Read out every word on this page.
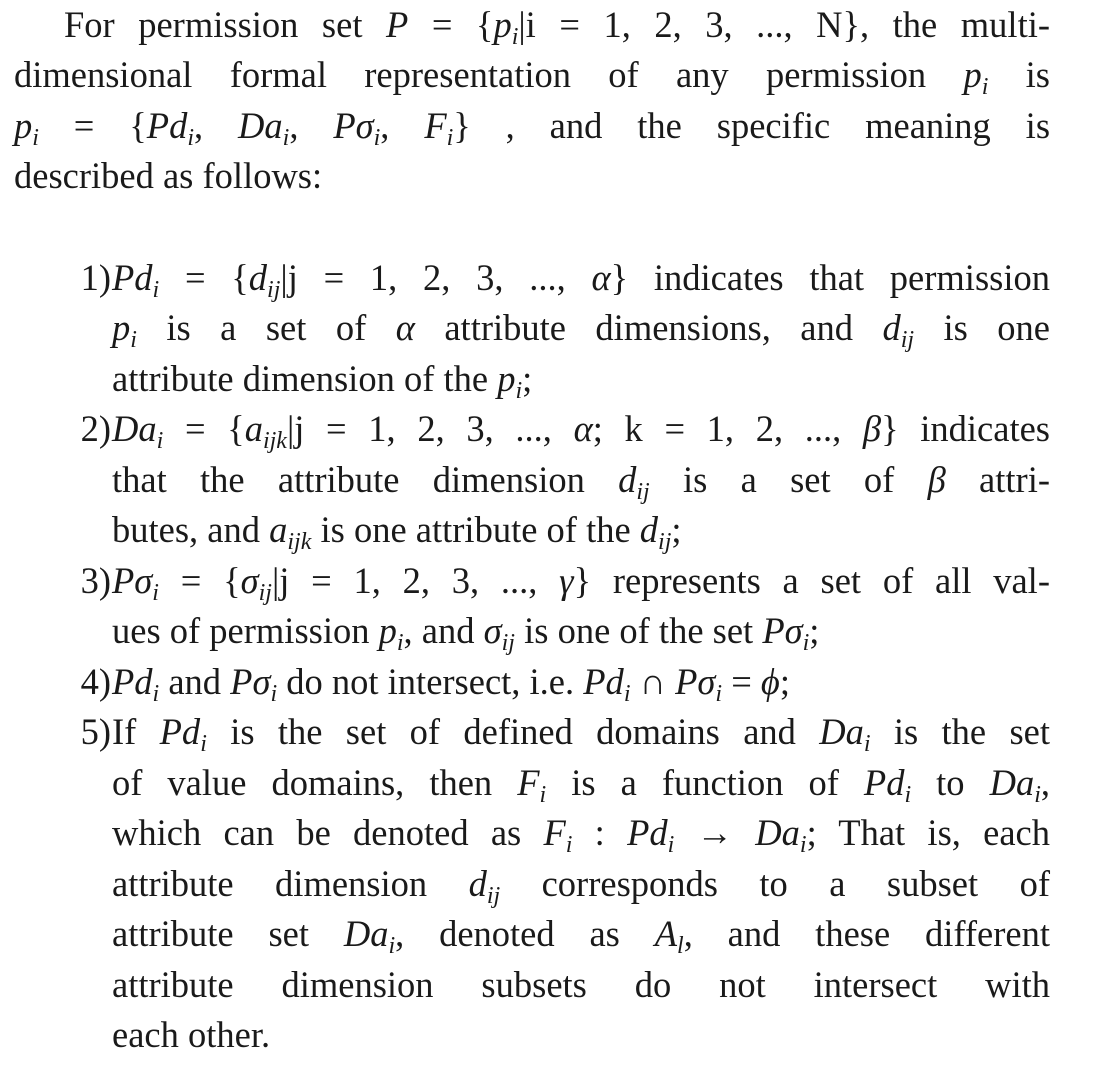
For permission set $P = \{p_i|i = 1$, 2, 3, ..., N}, the multi-
dimensional formal representation of any permission $p_i$ is
$p_i = \{Pd_i$, $Da_i$, $P\sigma_i$, $F_i$} , and the specific meaning is
described as follows:
1) $Pd_i = \{d_{ij}|j = 1$, 2, 3, ..., α} indicates that permission
$p_i$ is a set of α attribute dimensions, and $d_{ij}$ is one
attribute dimension of the $p_i$;
2) $Da_i = \{a_{ijk}|j = 1$, 2, 3, ..., α; k = 1, 2, ..., β} indicates
that the attribute dimension $d_{ij}$ is a set of β attri-
butes, and $a_{ijk}$ is one attribute of the $d_{ij}$;
3) $P\sigma_i = \{\sigma_{ij}|j = 1$, 2, 3, ..., γ} represents a set of all val-
ues of permission $p_i$, and $\sigma_{ij}$ is one of the set $P\sigma_i$;
4) $Pd_i$ and $P\sigma_i$ do not intersect, i.e. $Pd_i$ ∩ $P\sigma_i = \phi$;
5) If $Pd_i$ is the set of defined domains and $Da_i$ is the set
of value domains, then $F_i$ is a function of $Pd_i$ to $Da_i$,
which can be denoted as $F_i$ : $Pd_i \to Da_i$; That is, each
attribute dimension $d_{ij}$ corresponds to a subset of
attribute set $Da_i$, denoted as $A_l$, and these different
attribute dimension subsets do not intersect with
each other.
